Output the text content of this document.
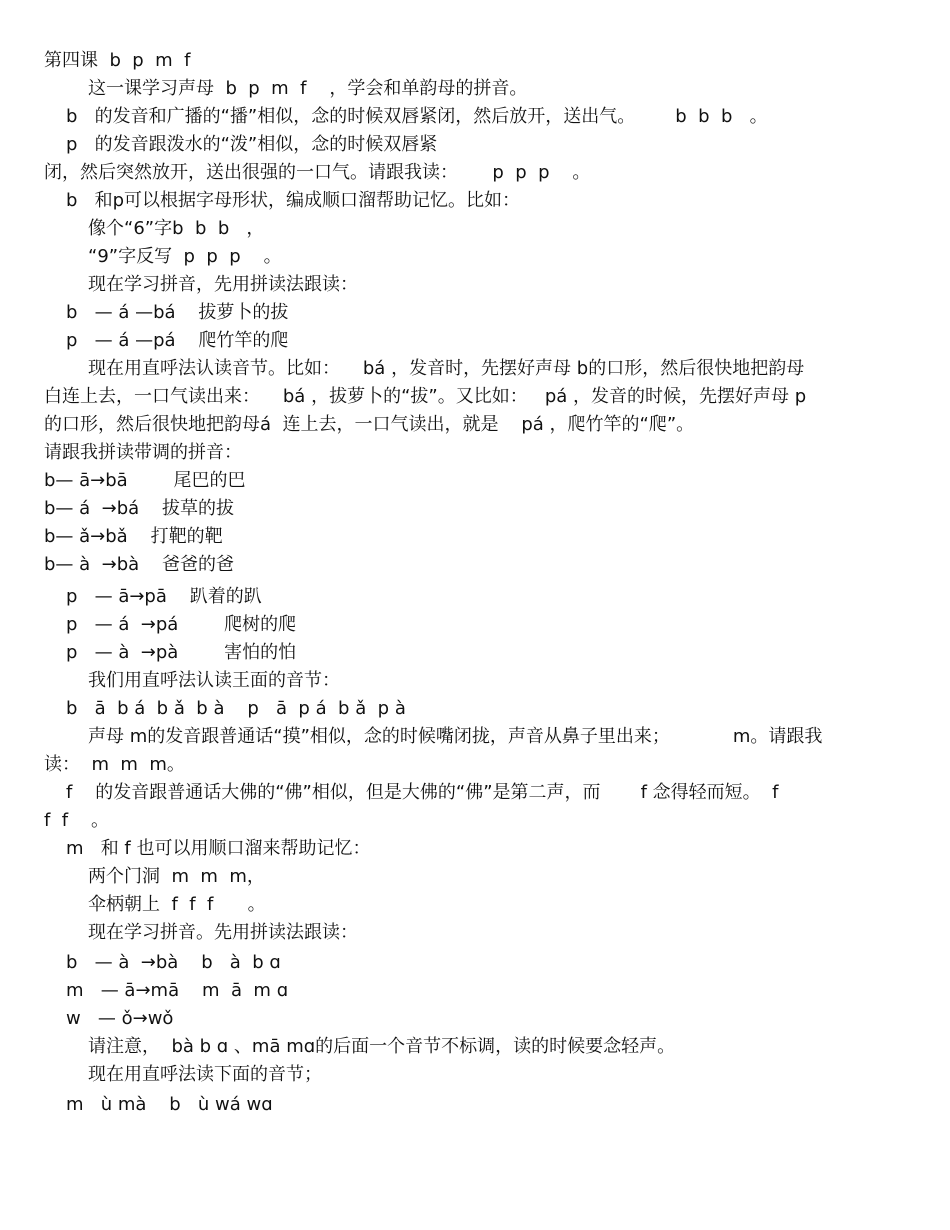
第四课  b  p  m  f
这一课学习声母  b  p  m  f    ，学会和单韵母的拼音。
b   的发音和广播的“播”相似，念的时候双唇紧闭，然后放开，送出气。       b  b  b   。
p   的发音跟泼水的“泼”相似，念的时候双唇紧
闭，然后突然放开，送出很强的一口气。请跟我读：      p  p  p    。
b   和p可以根据字母形状，编成顺口溜帮助记忆。比如：
像个“6”字b  b  b   ，
“9”字反写  p  p  p    。
现在学习拼音，先用拼读法跟读：
b   — á —bá    拔萝卜的拔
p   — á —pá    爬竹竿的爬
现在用直呼法认读音节。比如：    bá ，发音时，先摆好声母 b的口形，然后很快地把韵母
白连上去，一口气读出来：    bá ，拔萝卜的“拔”。又比如：   pá ，发音的时候，先摆好声母 p
的口形，然后很快地把韵母á  连上去，一口气读出，就是    pá ，爬竹竿的“爬”。
请跟我拼读带调的拼音：
b— ā→bā        尾巴的巴
b— á  →bá    拔草的拔
b— ǎ→bǎ    打靶的靶
b— à  →bà    爸爸的爸
p   — ā→pā    趴着的趴
p   — á  →pá        爬树的爬
p   — à  →pà        害怕的怕
我们用直呼法认读王面的音节：
b   ā  b á  b ǎ  b à    p   ā  p á  b ǎ  p à
声母 m的发音跟普通话“摸”相似，念的时候嘴闭拢，声音从鼻子里出来；           m。请跟我
读：  m  m  m。
f    的发音跟普通话大佛的“佛”相似，但是大佛的“佛”是第二声，而       f 念得轻而短。  f
f  f    。
m   和 f 也可以用顺口溜来帮助记忆：
两个门洞  m  m  m，
伞柄朝上  f  f  f      。
现在学习拼音。先用拼读法跟读：
b   — à  →bà    b   à  b ɑ
m   — ā→mā    m  ā  m ɑ
w   — ǒ→wǒ
请注意，  bà b ɑ 、mā mɑ的后面一个音节不标调，读的时候要念轻声。
现在用直呼法读下面的音节；
m   ù mà    b   ù wá wɑ
